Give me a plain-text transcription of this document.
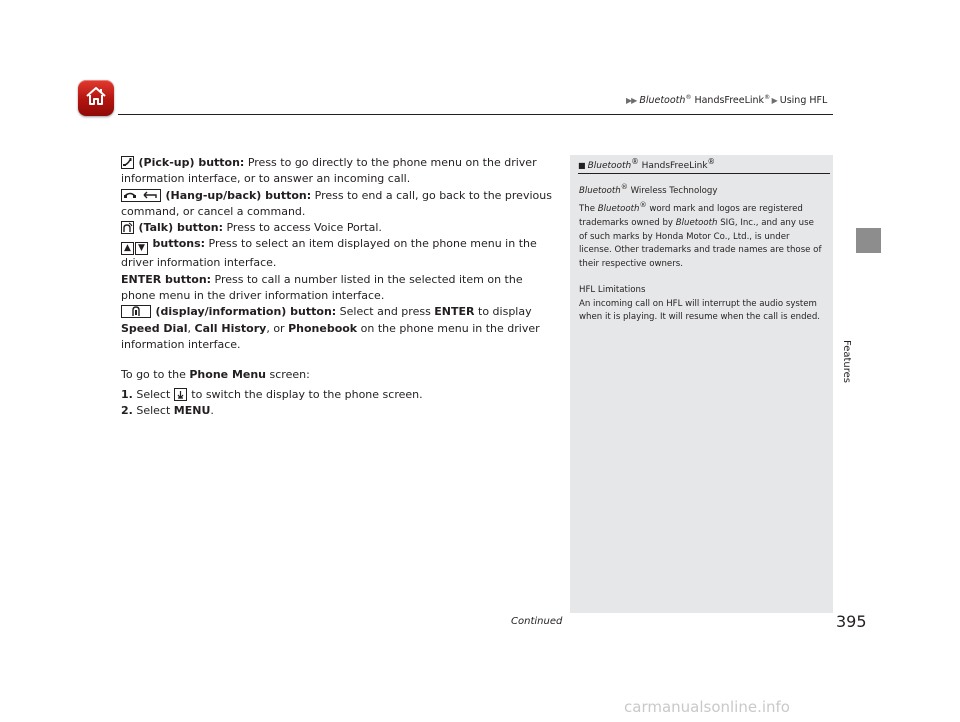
▶▶ Bluetooth® HandsFreeLink® ▶ Using HFL
Features

(Pick-up) button: Press to go directly to the phone menu on the driver information interface, or to answer an incoming call.

(Hang-up/back) button: Press to end a call, go back to the previous command, or cancel a command.

(Talk) button: Press to access Voice Portal.

▲ ▼ buttons: Press to select an item displayed on the phone menu in the driver information interface.

ENTER button: Press to call a number listed in the selected item on the phone menu in the driver information interface.

(display/information) button: Select and press ENTER to display Speed Dial, Call History, or Phonebook on the phone menu in the driver information interface.

To go to the Phone Menu screen:

1. Select
to switch the display to the phone screen.

2. Select MENU.

■ Bluetooth® HandsFreeLink®

Bluetooth® Wireless Technology

The Bluetooth® word mark and logos are registered trademarks owned by Bluetooth SIG, Inc., and any use of such marks by Honda Motor Co., Ltd., is under license. Other trademarks and trade names are those of their respective owners.

HFL Limitations

An incoming call on HFL will interrupt the audio system when it is playing. It will resume when the call is ended.

Continued	395
carmanualsonline.info
